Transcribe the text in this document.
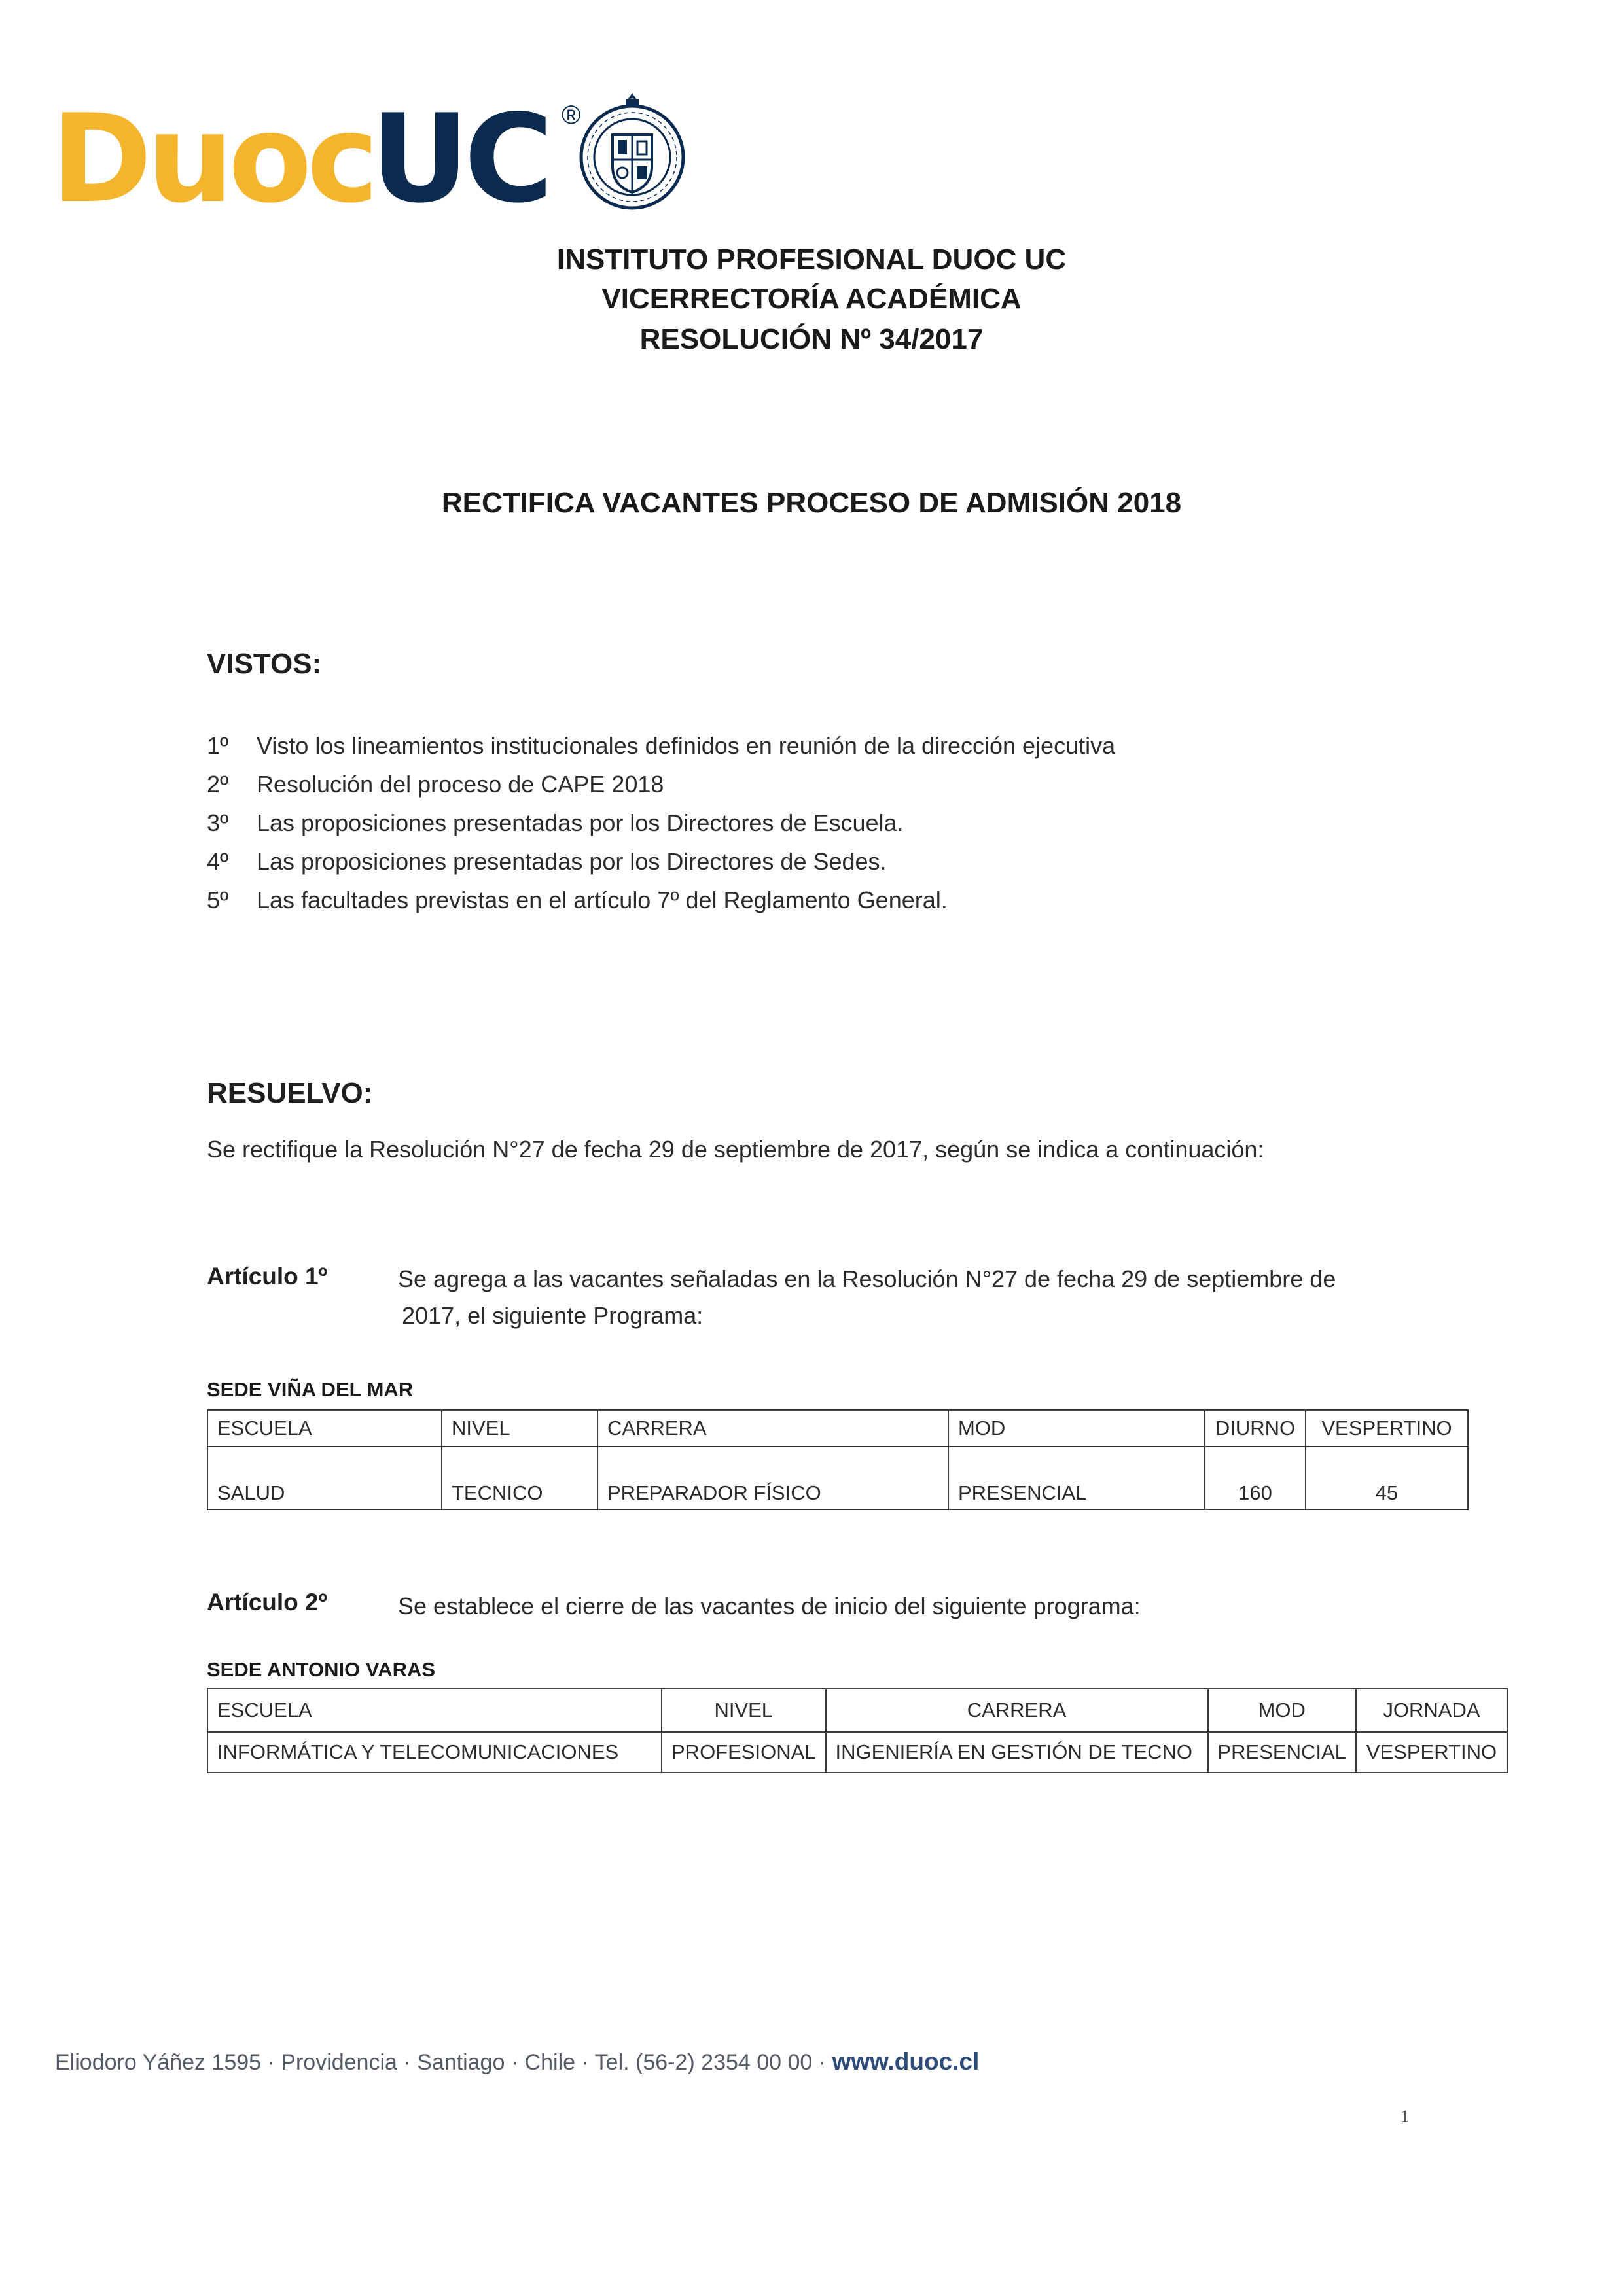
Duoc
UC ®
INSTITUTO PROFESIONAL DUOC UC
VICERRECTORÍA ACADÉMICA
RESOLUCIÓN Nº 34/2017
RECTIFICA VACANTES PROCESO DE ADMISIÓN 2018
VISTOS:
1º	Visto los lineamientos institucionales definidos en reunión de la dirección ejecutiva
2º	Resolución del proceso de CAPE 2018
3º	Las proposiciones presentadas por los Directores de Escuela.
4º	Las proposiciones presentadas por los Directores de Sedes.
5º	Las facultades previstas en el artículo 7º del Reglamento General.
RESUELVO:
Se rectifique la Resolución N°27 de fecha 29 de septiembre de 2017, según se indica a continuación:
Artículo 1º	Se agrega a las vacantes señaladas en la Resolución N°27 de fecha 29 de septiembre de
2017, el siguiente Programa:
SEDE VIÑA DEL MAR
ESCUELA	NIVEL	CARRERA	MOD	DIURNO	VESPERTINO
SALUD	TECNICO	PREPARADOR FÍSICO	PRESENCIAL	160	45
Artículo 2º	Se establece el cierre de las vacantes de inicio del siguiente programa:
SEDE ANTONIO VARAS
ESCUELA	NIVEL	CARRERA	MOD	JORNADA
INFORMÁTICA Y TELECOMUNICACIONES	PROFESIONAL	INGENIERÍA EN GESTIÓN DE TECNO	PRESENCIAL	VESPERTINO
Eliodoro Yáñez 1595 · Providencia · Santiago · Chile · Tel. (56-2) 2354 00 00 · www.duoc.cl
1
